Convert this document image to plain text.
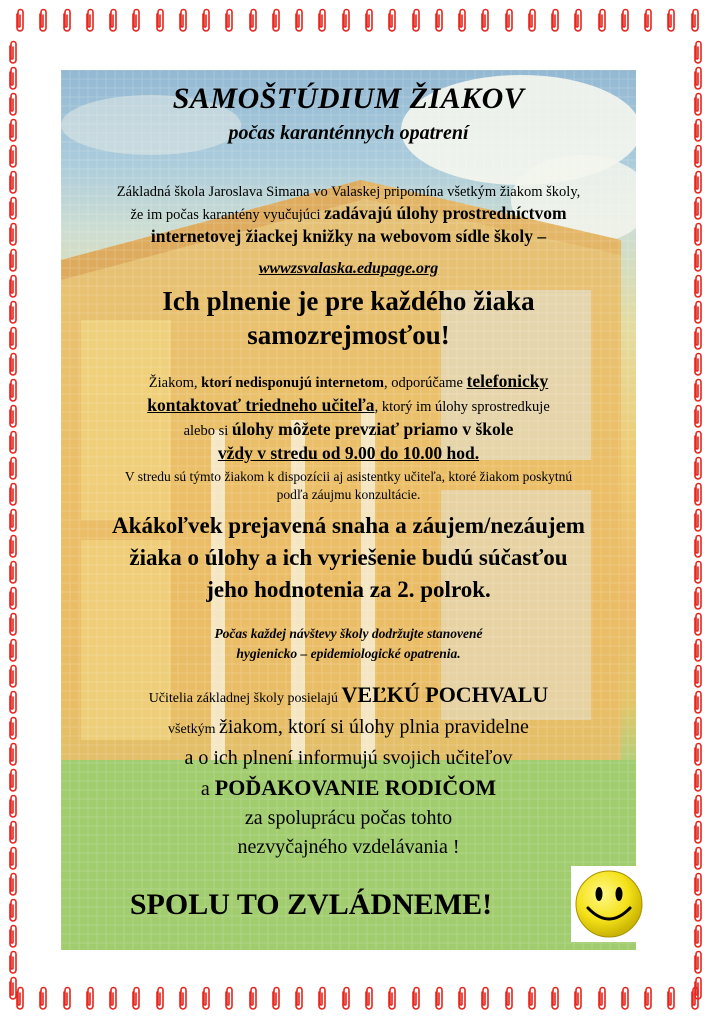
SAMOŠTÚDIUM ŽIAKOV
počas karanténnych opatrení
Základná škola Jaroslava Simana vo Valaskej pripomína všetkým žiakom školy,
že im počas karantény vyučujúci zadávajú úlohy prostredníctvom
internetovej žiackej knižky na webovom sídle školy –
wwwzsvalaska.edupage.org
Ich plnenie je pre každého žiaka
samozrejmosťou!
Žiakom, ktorí nedisponujú internetom, odporúčame telefonicky
kontaktovať triedneho učiteľa, ktorý im úlohy sprostredkuje
alebo si úlohy môžete prevziať priamo v škole
vždy v stredu od 9.00 do 10.00 hod.
V stredu sú týmto žiakom k dispozícii aj asistentky učiteľa, ktoré žiakom poskytnú
podľa záujmu konzultácie.
Akákoľvek prejavená snaha a záujem/nezáujem
žiaka o úlohy a ich vyriešenie budú súčasťou
jeho hodnotenia za 2. polrok.
Počas každej návštevy školy dodržujte stanovené
hygienicko – epidemiologické opatrenia.
Učitelia základnej školy posielajú VEĽKÚ POCHVALU
všetkým žiakom, ktorí si úlohy plnia pravidelne
a o ich plnení informujú svojich učiteľov
a POĎAKOVANIE RODIČOM
za spoluprácu počas tohto
nezvyčajného vzdelávania !
SPOLU TO ZVLÁDNEME!
